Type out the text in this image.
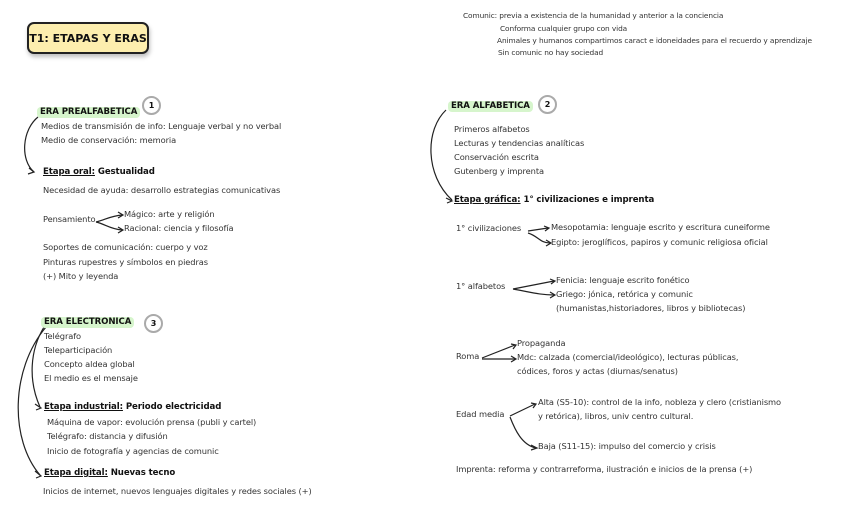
T1: ETAPAS Y ERAS
Comunic: previa a existencia de la humanidad y anterior a la conciencia
Conforma cualquier grupo con vida
Animales y humanos compartimos caract e idoneidades para el recuerdo y aprendizaje
Sin comunic no hay sociedad
ERA PREALFABETICA
1
Medios de transmisión de info: Lenguaje verbal y no verbal
Medio de conservación: memoria
Etapa oral: Gestualidad
Necesidad de ayuda: desarrollo estrategias comunicativas
Pensamiento	Mágico: arte y religión
Racional: ciencia y filosofía
Soportes de comunicación: cuerpo y voz
Pinturas rupestres y símbolos en piedras
(+) Mito y leyenda
ERA ELECTRONICA	3
Telégrafo
Teleparticipación
Concepto aldea global
El medio es el mensaje
Etapa industrial: Periodo electricidad
Máquina de vapor: evolución prensa (publi y cartel)
Telégrafo: distancia y difusión
Inicio de fotografía y agencias de comunic
Etapa digital: Nuevas tecno
Inicios de internet, nuevos lenguajes digitales y redes sociales (+)
ERA ALFABETICA	2
Primeros alfabetos
Lecturas y tendencias analíticas
Conservación escrita
Gutenberg y imprenta
Etapa gráfica: 1° civilizaciones e imprenta
1° civilizaciones	Mesopotamia: lenguaje escrito y escritura cuneiforme
Egipto: jeroglíficos, papiros y comunic religiosa oficial
1° alfabetos
Fenicia: lenguaje escrito fonético
Griego: jónica, retórica y comunic
(humanistas,historiadores, libros y bibliotecas)
Roma
Propaganda
Mdc: calzada (comercial/ideológico), lecturas públicas,
códices, foros y actas (diurnas/senatus)
Edad media
Alta (S5-10): control de la info, nobleza y clero (cristianismo
y retórica), libros, univ centro cultural.
Baja (S11-15): impulso del comercio y crisis
Imprenta: reforma y contrarreforma, ilustración e inicios de la prensa (+)
